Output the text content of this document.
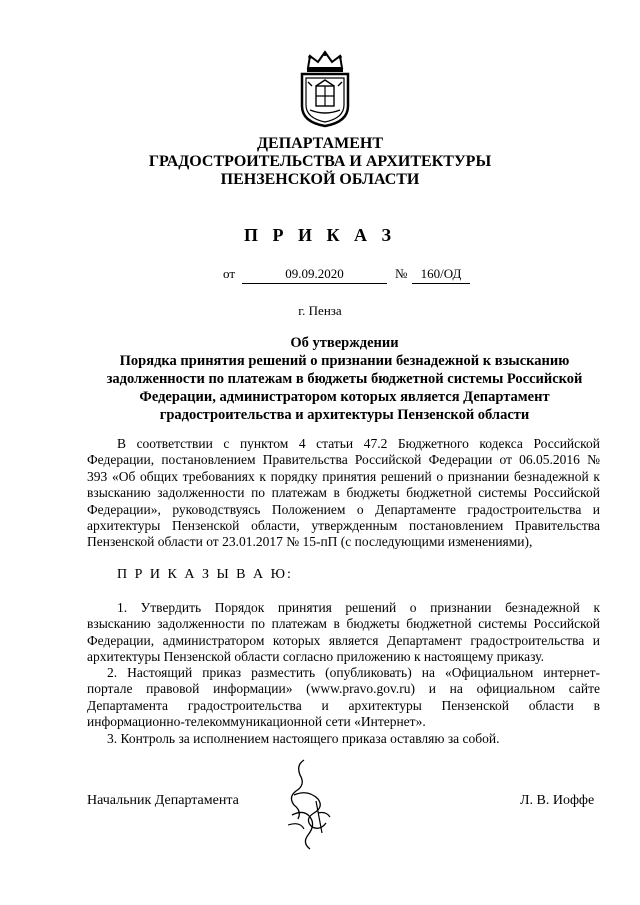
ДЕПАРТАМЕНТ
ГРАДОСТРОИТЕЛЬСТВА И АРХИТЕКТУРЫ
ПЕНЗЕНСКОЙ ОБЛАСТИ
П Р И К А З
от	09.09.2020	№	160/ОД
г. Пенза
Об утверждении
Порядка принятия решений о признании безнадежной к взысканию
задолженности по платежам в бюджеты бюджетной системы Российской
Федерации, администратором которых является Департамент
градостроительства и архитектуры Пензенской области
В соответствии с пунктом 4 статьи 47.2 Бюджетного кодекса Российской
Федерации, постановлением Правительства Российской Федерации от 06.05.2016 №
393 «Об общих требованиях к порядку принятия решений о признании безнадежной к
взысканию задолженности по платежам в бюджеты бюджетной системы Российской
Федерации», руководствуясь Положением о Департаменте градостроительства и
архитектуры Пензенской области, утвержденным постановлением Правительства
Пензенской области от 23.01.2017 № 15-пП (с последующими изменениями),
П Р И К А З Ы В А Ю:
1. Утвердить Порядок принятия решений о признании безнадежной к
взысканию задолженности по платежам в бюджеты бюджетной системы Российской
Федерации, администратором которых является Департамент градостроительства и
архитектуры Пензенской области согласно приложению к настоящему приказу.
2. Настоящий приказ разместить (опубликовать) на «Официальном интернет-
портале правовой информации» (www.pravo.gov.ru) и на официальном сайте
Департамента градостроительства и архитектуры Пензенской области в
информационно-телекоммуникационной сети «Интернет».
3. Контроль за исполнением настоящего приказа оставляю за собой.
Начальник Департамента	Л. В. Иоффе
